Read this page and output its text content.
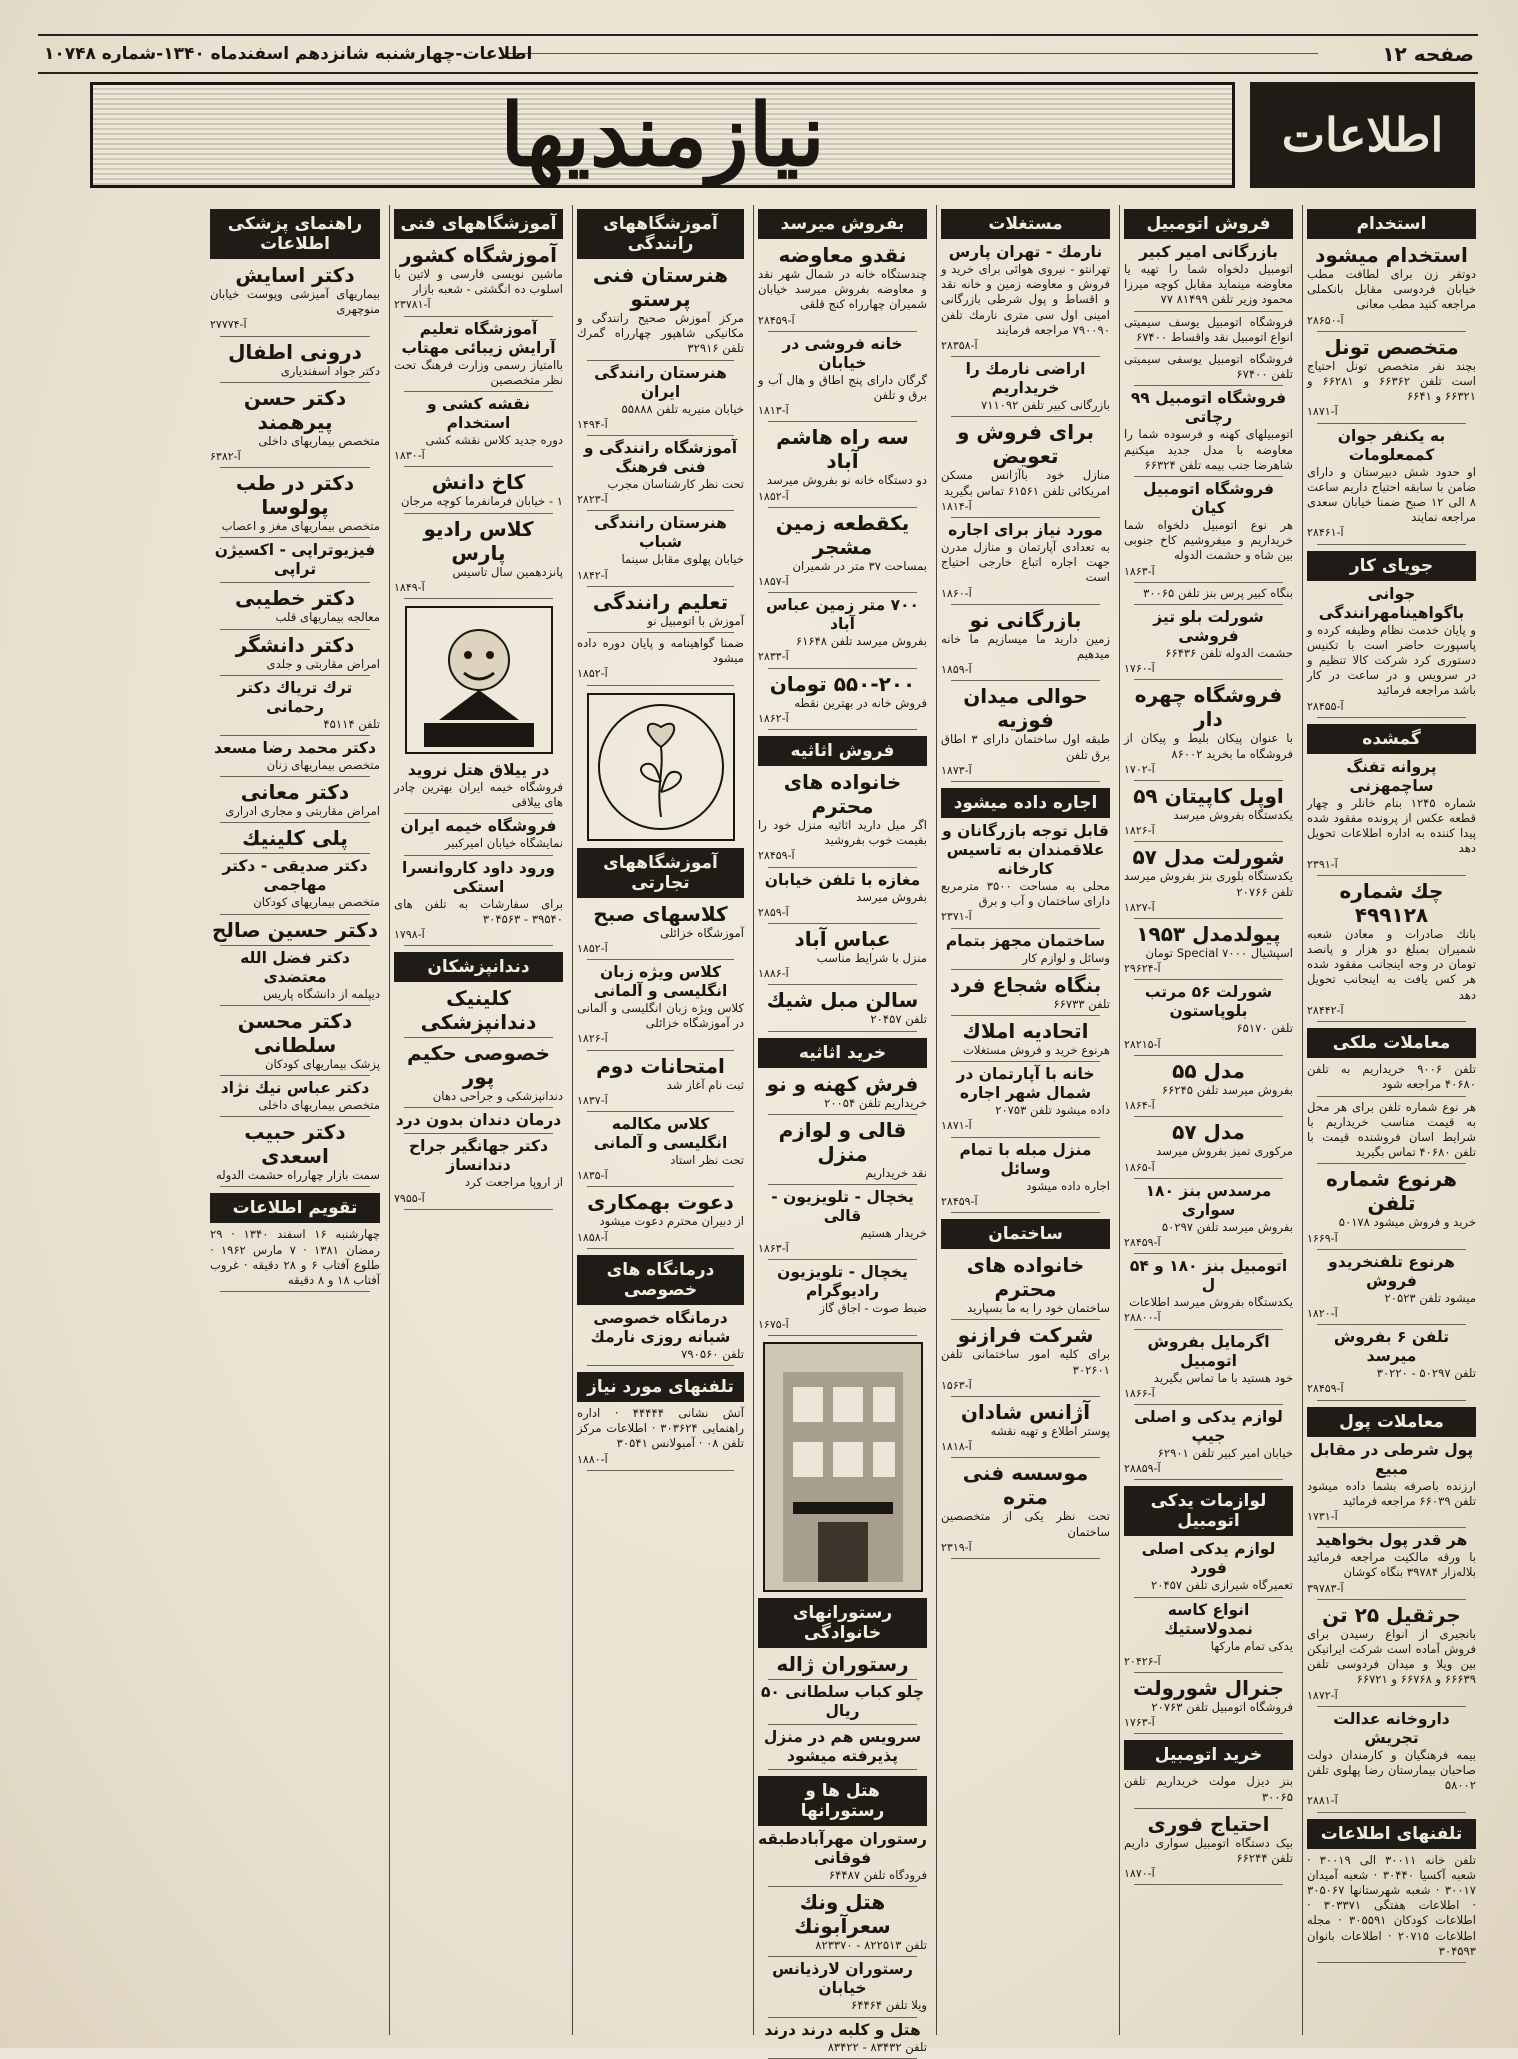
صفحه ۱۲
اطلاعات-چهارشنبه شانزدهم اسفندماه ۱۳۴۰-شماره ۱۰۷۴۸
نیازمندیها	اطلاعات
استخدام
استخدام میشود
دوتفر زن برای لطافت مطب خیابان فردوسی مقابل بانکملی مراجعه کنید مطب معانی
آ-۲۸۶۵۰
متخصص تونل
بچند نفر متخصص تونل احتیاج است تلفن ۶۶۳۶۲ و ۶۶۲۸۱ و ۶۶۳۲۱ و ۶۶۴۱
آ-۱۸۷۱
به یکنفر جوان کممعلومات
او حدود شش دبیرستان و دارای ضامن با سابقه احتیاج داریم ساعت ۸ الی ۱۲ صبح ضمنا خیابان سعدی مراجعه نمایند
آ-۲۸۴۶۱
جویای کار
جوانی باگواهینامهرانندگی
و پایان خدمت نظام وظیفه کرده و پاسپورت حاضر است با تکنیس دستوری کرد شرکت کالا تنظیم و در سرویس و در ساعت در کار باشد مراجعه فرمائید
آ-۲۸۴۵۵
گمشده
پروانه تفنگ ساچمهزنی
شماره ۱۲۴۵ بنام خانلر و چهار قطعه عکس از پرونده مفقود شده پیدا کننده به اداره اطلاعات تحویل دهد
آ-۲۳۹۱
چك شماره ۴۹۹۱۲۸
بانك صادرات و معادن شعبه شمیران بمبلغ دو هزار و پانصد تومان در وجه اینجانب مفقود شده هر کس یافت به اینجانب تحویل دهد
آ-۲۸۴۴۲
معاملات ملکی
تلفن ۹۰۰۶ خریداریم به تلفن ۴۰۶۸۰ مراجعه شود
هر نوع شماره تلفن برای هر محل به قیمت مناسب خریداریم با شرایط اسان فروشنده قیمت با تلفن ۴۰۶۸۰ تماس بگیرید
هرنوع شماره تلفن
خرید و فروش میشود ۵۰۱۷۸
آ-۱۶۶۹
هرنوع تلفنخریدو فروش
میشود تلفن ۲۰۵۲۳
آ-۱۸۲۰
تلفن ۶ بفروش میرسد
تلفن ۵۰۲۹۷ - ۳۰۲۲۰
آ-۲۸۴۵۹
معاملات پول
پول شرطی در مقابل مبیع
ارزنده باصرفه بشما داده میشود تلفن ۶۶۰۳۹ مراجعه فرمائید
آ-۱۷۳۱
هر قدر پول بخواهید
با ورقه مالکیت مراجعه فرمائید بلاله‌زار ۳۹۷۸۴ بنگاه کوشان
آ-۳۹۷۸۳
جرثقیل ۲۵ تن
بانجیری از انواع رسیدن برای فروش آماده است شرکت ایرانیکن بین ویلا و میدان فردوسی تلفن ۶۶۶۳۹ و ۶۶۷۶۸ و ۶۶۷۲۱
آ-۱۸۷۲
داروخانه عدالت تجریش
بیمه فرهنگیان و کارمندان دولت صاحبان بیمارستان رضا پهلوی تلفن ۵۸۰۰۲
آ-۲۸۸۱
تلفنهای اطلاعات
تلفن خانه ۳۰۰۱۱ الی ۳۰۰۱۹ · شعبه آکسیا ۳۰۴۴۰ · شعبه آمیدان ۳۰۰۱۷ · شعبه شهرستانها ۳۰۵۰۶۷ · اطلاعات هفتگی ۳۰۳۳۷۱ · اطلاعات کودکان ۳۰۵۵۹۱ · مجله اطلاعات ۲۰۷۱۵ · اطلاعات بانوان ۳۰۴۵۹۳
فروش اتومبیل
بازرگانی امیر کبیر
اتومبیل دلخواه شما را تهیه یا معاوضه مینماید مقابل کوچه میرزا محمود وزیر تلفن ۸۱۴۹۹ ۷۷
فروشگاه اتومبیل یوسف سیمیتی انواع اتومبیل نقد واقساط ۶۷۴۰۰
فروشگاه اتومبیل یوسفی سیمیتی تلفن ۶۷۴۰۰
فروشگاه اتومبیل ۹۹ رچاتی
اتومبیلهای کهنه و فرسوده شما را معاوضه با مدل جدید میکنیم شاهرضا جنب بیمه تلفن ۶۶۳۲۴
فروشگاه اتومبیل کیان
هر نوع اتومبیل دلخواه شما خریداریم و میفروشیم کاخ جنوبی بین شاه و حشمت الدوله
آ-۱۸۶۳
بنگاه کبیر پرس بنز تلفن ۳۰۰۶۵
شورلت بلو تیز فروشی
حشمت الدوله تلفن ۶۶۴۳۶
آ-۱۷۶۰
فروشگاه چهره دار
با عنوان پیکان بلیط و پیکان از فروشگاه ما بخرید ۸۶۰۰۲
آ-۱۷۰۲
اوپل کاپیتان ۵۹
یکدستگاه بفروش میرسد
آ-۱۸۲۶
شورلت مدل ۵۷
یکدستگاه بلوری بنز بفروش میرسد تلفن ۲۰۷۶۶
آ-۱۸۲۷
پیولدمدل ۱۹۵۳
اسپشیال Special ۷۰۰۰ تومان
آ-۲۹۶۲۴
شورلت ۵۶ مرتب بلوپاستون
تلفن ۶۵۱۷۰
آ-۲۸۲۱۵
مدل ۵۵
بفروش میرسد تلفن ۶۶۲۴۵
آ-۱۸۶۴
مدل ۵۷
مرکوری تمیز بفروش میرسد
آ-۱۸۶۵
مرسدس بنز ۱۸۰ سواری
بفروش میرسد تلفن ۵۰۲۹۷
آ-۲۸۴۵۹
اتومبیل بنز ۱۸۰ و ۵۴ ل
یکدستگاه بفروش میرسد اطلاعات
آ-۲۸۸۰۰
اگرمایل بفروش اتومبیل
خود هستید با ما تماس بگیرید
آ-۱۸۶۶
لوازم یدکی و اصلی جیپ
خیابان امیر کبیر تلفن ۶۲۹۰۱
آ-۲۸۸۵۹
لوازمات یدکی اتومبیل
لوازم یدکی اصلی فورد
تعمیرگاه شیرازی تلفن ۲۰۴۵۷
انواع کاسه نمدولاستیك
یدکی تمام مارکها
آ-۲۰۴۲۶
جنرال شورولت
فروشگاه اتومبیل تلفن ۲۰۷۶۳
آ-۱۷۶۳
خرید اتومبیل
بنز دیزل مولت خریداریم تلفن ۳۰۰۶۵
احتیاج فوری
بیک دستگاه اتومبیل سواری داریم تلفن ۶۶۲۴۴
آ-۱۸۷۰
مستغلات
نارمك - تهران پارس
تهرانتو - نیروی هوائی برای خرید و فروش و معاوضه زمین و خانه نقد و اقساط و پول شرطی بازرگانی امینی اول سی متری نارمك تلفن ۷۹۰۰۹۰ مراجعه فرمایند
آ-۲۸۳۵۸
اراضی نارمك را خریداریم
بازرگانی کبیر تلفن ۷۱۱۰۹۲
برای فروش و تعویض
منازل خود باآژانس مسکن امریکائی تلفن ۶۱۵۶۱ تماس بگیرید
آ-۱۸۱۴
مورد نیاز برای اجاره
به تعدادی آپارتمان و منازل مدرن جهت اجاره اتباع خارجی احتیاج است
آ-۱۸۶۰
بازرگانی نو
زمین دارید ما میسازیم ما خانه میدهیم
آ-۱۸۵۹
حوالی میدان فوزیه
طبقه اول ساختمان دارای ۳ اطاق برق تلفن
آ-۱۸۷۳
اجاره داده میشود
قابل توجه بازرگانان و علاقمندان به تاسیس کارخانه
محلی به مساحت ۳۵۰۰ مترمربع دارای ساختمان و آب و برق
آ-۲۳۷۱
ساختمان مجهز بتمام
وسائل و لوازم کار
بنگاه شجاع فرد
تلفن ۶۶۷۳۳
اتحادیه املاك
هرنوع خرید و فروش مستغلات
خانه با آپارتمان در شمال شهر اجاره
داده میشود تلفن ۲۰۷۵۳
آ-۱۸۷۱
منزل مبله با تمام وسائل
اجاره داده میشود
آ-۲۸۴۵۹
ساختمان
خانواده های محترم
ساختمان خود را به ما بسپارید
شرکت فرازنو
برای کلیه امور ساختمانی تلفن ۳۰۲۶۰۱
آ-۱۵۶۳
آژانس شادان
پوستر اطلاع و تهیه نقشه
آ-۱۸۱۸
موسسه فنی متره
تحت نظر یکی از متخصصین ساختمان
آ-۲۳۱۹
بفروش میرسد
نقدو معاوضه
چندستگاه خانه در شمال شهر نقد و معاوضه بفروش میرسد خیابان شمیران چهارراه کنج قلقی
آ-۲۸۴۵۹
خانه فروشی در خیابان
گرگان دارای پنج اطاق و هال آب و برق و تلفن
آ-۱۸۱۳
سه راه هاشم آباد
دو دستگاه خانه نو بفروش میرسد
آ-۱۸۵۲
یکقطعه زمین مشجر
بمساحت ۳۷ متر در شمیران
آ-۱۸۵۷
۷۰۰ متر زمین عباس آباد
بفروش میرسد تلفن ۶۱۶۴۸
آ-۲۸۳۳
۵۵۰-۲۰۰ تومان
فروش خانه در بهترین نقطه
آ-۱۸۶۲
فروش اثاثیه
خانواده های محترم
اگر میل دارید اثاثیه منزل خود را بقیمت خوب بفروشید
آ-۲۸۴۵۹
مغازه با تلفن خیابان
بفروش میرسد
آ-۲۸۵۹
عباس آباد
منزل با شرایط مناسب
آ-۱۸۸۶
سالن مبل شیك
تلفن ۲۰۴۵۷
خرید اثاثیه
فرش کهنه و نو
خریداریم تلفن ۲۰۰۵۴
قالی و لوازم منزل
نقد خریداریم
یخچال - تلویزیون - قالی
خریدار هستیم
آ-۱۸۶۳
یخچال - تلویزیون رادیوگرام
ضبط صوت - اجاق گاز
آ-۱۶۷۵
رستورانهای خانوادگی
رستوران ژاله
چلو کباب سلطانی ۵۰ ریال
سرویس هم در منزل پذیرفته میشود
هتل ها و رستورانها
رستوران مهرآبادطبقه فوقانی
فرودگاه تلفن ۶۴۴۸۷
هتل ونك سعرآبونك
تلفن ۸۲۲۵۱۳ - ۸۲۳۳۷۰
رستوران لارذيانس خيابان
ويلا تلفن ۶۴۴۶۴
هتل و کلبه درند درند
تلفن ۸۳۴۳۲ - ۸۳۴۲۲
آموزشگاههای رانندگی
هنرستان فنی پرستو
مرکز آموزش صحیح رانندگی و مکانیکی شاهپور چهارراه گمرك تلفن ۳۲۹۱۶
هنرستان رانندگی ایران
خیابان منیریه تلفن ۵۵۸۸۸
آ-۱۴۹۴
آموزشگاه رانندگی و فنی فرهنگ
تحت نظر کارشناسان مجرب
آ-۲۸۲۳
هنرستان رانندگی شباب
خیابان پهلوی مقابل سینما
آ-۱۸۴۲
تعلیم رانندگی
آموزش با اتومبیل نو
ضمنا گواهینامه و پایان دوره داده میشود
آ-۱۸۵۲
آموزشگاههای تجارتی
کلاسهای صبح
آموزشگاه خزائلی
آ-۱۸۵۲
کلاس ویژه زبان انگلیسی و آلمانی
کلاس ویژه زبان انگلیسی و آلمانی در آموزشگاه خزائلی
آ-۱۸۲۶
امتحانات دوم
ثبت نام آغاز شد
آ-۱۸۳۷
کلاس مکالمه انگلیسی و آلمانی
تحت نظر استاد
آ-۱۸۳۵
دعوت بهمکاری
از دبیران محترم دعوت میشود
آ-۱۸۵۸
درمانگاه های خصوصی
درمانگاه خصوصی شبانه روزی نارمك
تلفن ۷۹۰۵۶۰
تلفنهای مورد نیاز
آتش نشانی ۴۴۴۴۴ · اداره راهنمایی ۳۰۳۶۲۴ · اطلاعات مرکز تلفن ۰۸ · آمبولانس ۳۰۵۴۱
آ-۱۸۸۰
آموزشگاههای فنی
آموزشگاه کشور
ماشین نویسی فارسی و لاتین با اسلوب ده انگشتی - شعبه بازار
آ-۲۳۷۸۱
آموزشگاه تعلیم آرایش زیبائی مهتاب
باامتیاز رسمی وزارت فرهنگ تحت نظر متخصصین
نقشه کشی و استخدام
دوره جدید کلاس نقشه کشی
آ-۱۸۳۰
کاخ دانش
۱ - خیابان فرمانفرما کوچه مرجان
کلاس رادیو پارس
پانزدهمین سال تاسیس
آ-۱۸۴۹
در ییلاق هتل نروید
فروشگاه خیمه ایران بهترین چادر های ییلاقی
فروشگاه خیمه ایران
نمایشگاه خیابان امیرکبیر
ورود داود کاروانسرا استکی
برای سفارشات به تلفن های ۳۹۵۴۰ - ۳۰۴۵۶۳
آ-۱۷۹۸
دندانپزشکان
کلینیک دندانپزشکی
خصوصی حکیم پور
دندانپزشکی و جراحی دهان
درمان دندان بدون درد
دکتر جهانگیر جراح دندانساز
از اروپا مراجعت کرد
آ-۷۹۵۵
راهنمای پزشکی اطلاعات
دکتر اسایش
بیماریهای آمیزشی وپوست خیابان منوچهری
آ-۲۷۷۷۴
درونی اطفال
دکتر جواد اسفندیاری
دکتر حسن پیرهمند
متخصص بیماریهای داخلی
آ-۶۳۸۲
دکتر در طب پولوسا
متخصص بیماریهای مغز و اعصاب
فیزیوتراپی - اکسیژن تراپی
دکتر خطیبی
معالجه بیماریهای قلب
دکتر دانشگر
امراض مقاربتی و جلدی
ترك تریاك دکتر رحمانی
تلفن ۴۵۱۱۴
دکتر محمد رضا مسعد
متخصص بیماریهای زنان
دکتر معانی
امراض مقاربتی و مجاری ادراری
پلی کلینیك
دکتر صدیقی - دکتر مهاجمی
متخصص بیماریهای کودکان
دکتر حسین صالح
دکتر فضل الله معتضدی
دیپلمه از دانشگاه پاریس
دکتر محسن سلطانی
پزشک بیماریهای کودکان
دکتر عباس نیك نژاد
متخصص بیماریهای داخلی
دکتر حبیب اسعدی
سمت بازار چهارراه حشمت الدوله
تقویم اطلاعات
چهارشنبه ۱۶ اسفند ۱۳۴۰ · ۲۹ رمضان ۱۳۸۱ · ۷ مارس ۱۹۶۲ · طلوع آفتاب ۶ و ۲۸ دقیقه · غروب آفتاب ۱۸ و ۸ دقیقه
